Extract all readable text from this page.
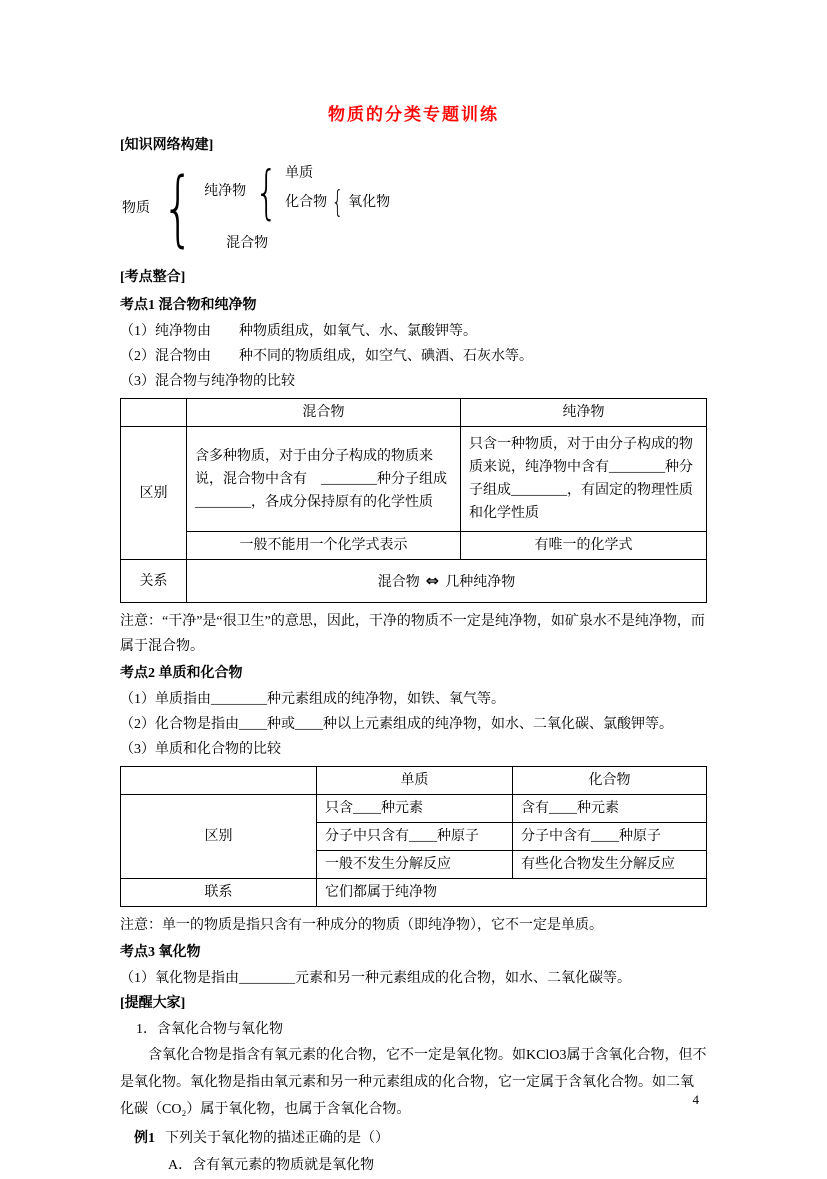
物质的分类专题训练
[知识网络构建]
物质 { 纯净物 { 单质
化合物 { 氧化物
混合物
[考点整合]
考点1 混合物和纯净物
（1）纯净物由　　种物质组成，如氧气、水、氯酸钾等。
（2）混合物由　　种不同的物质组成，如空气、碘酒、石灰水等。
（3）混合物与纯净物的比较
	混合物	纯净物
区别	含多种物质，对于由分子构成的物质来说，混合物中含有　________种分子组成________，各成分保持原有的化学性质	只含一种物质，对于由分子构成的物质来说，纯净物中含有________种分子组成________，有固定的物理性质和化学性质
	一般不能用一个化学式表示	有唯一的化学式
关系	混合物 ⇔ 几种纯净物	
注意：“干净”是“很卫生”的意思，因此，干净的物质不一定是纯净物，如矿泉水不是纯净物，而属于混合物。
考点2 单质和化合物
（1）单质指由________种元素组成的纯净物，如铁、氧气等。
（2）化合物是指由____种或____种以上元素组成的纯净物，如水、二氧化碳、氯酸钾等。
（3）单质和化合物的比较
	单质	化合物
区别	只含____种元素	含有____种元素
	分子中只含有____种原子	分子中含有____种原子
	一般不发生分解反应	有些化合物发生分解反应
联系	它们都属于纯净物	
注意：单一的物质是指只含有一种成分的物质（即纯净物），它不一定是单质。
考点3 氧化物
（1）氧化物是指由________元素和另一种元素组成的化合物，如水、二氧化碳等。
[提醒大家]
1．含氧化合物与氧化物
含氧化合物是指含有氧元素的化合物，它不一定是氧化物。如KClO3属于含氧化合物，但不是氧化物。氧化物是指由氧元素和另一种元素组成的化合物，它一定属于含氧化合物。如二氧化碳（CO₂）属于氧化物，也属于含氧化合物。
例1 下列关于氧化物的描述正确的是（）
A．含有氧元素的物质就是氧化物
4
